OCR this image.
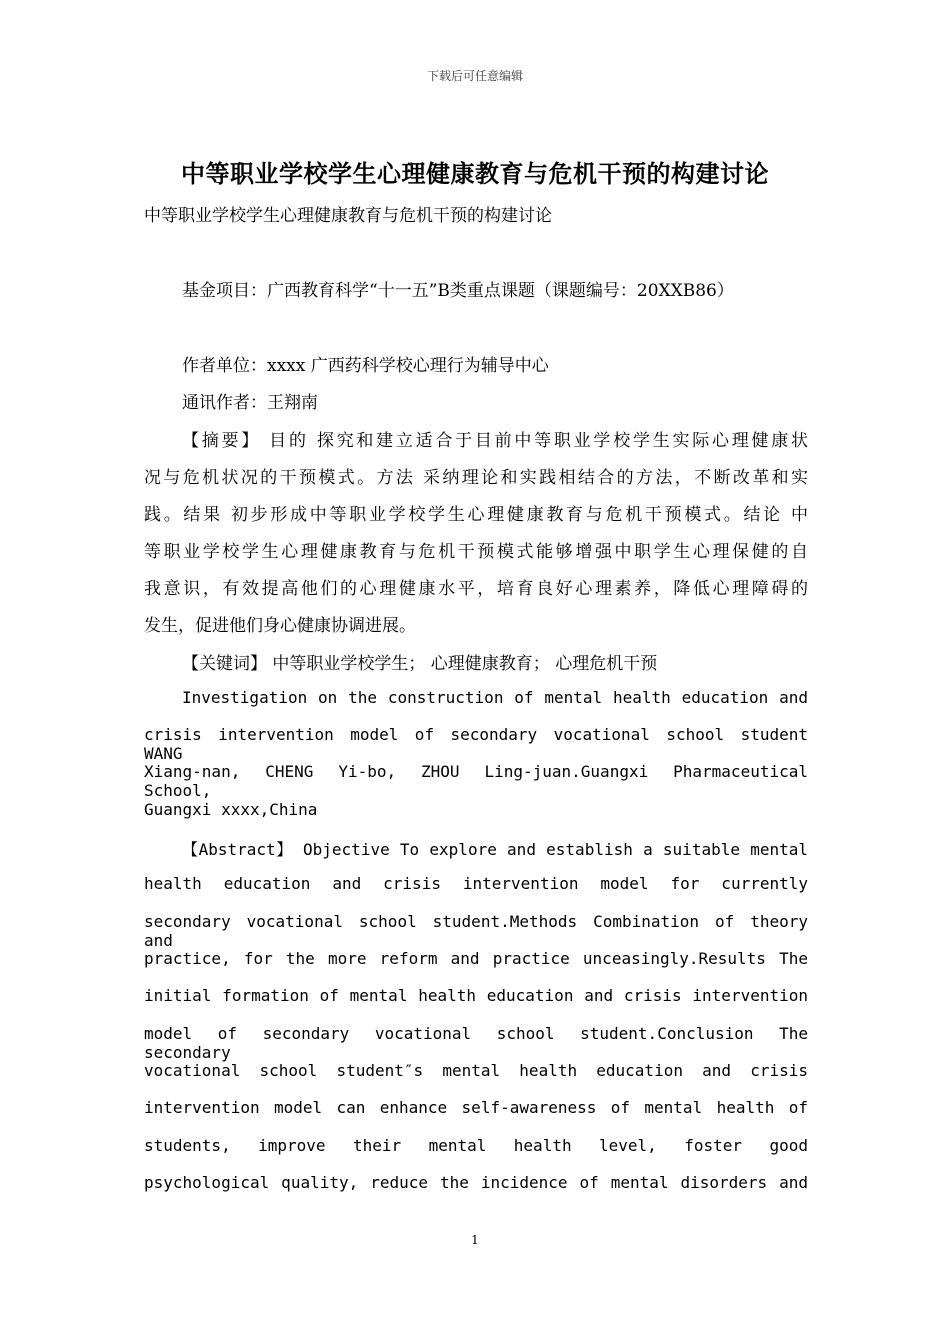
下载后可任意编辑
中等职业学校学生心理健康教育与危机干预的构建讨论
中等职业学校学生心理健康教育与危机干预的构建讨论
基金项目：广西教育科学“十一五”B类重点课题（课题编号：20XXB86）
作者单位：xxxx 广西药科学校心理行为辅导中心
通讯作者：王翔南
【摘要】 目的 探究和建立适合于目前中等职业学校学生实际心理健康状
况与危机状况的干预模式。方法 采纳理论和实践相结合的方法，不断改革和实
践。结果 初步形成中等职业学校学生心理健康教育与危机干预模式。结论 中
等职业学校学生心理健康教育与危机干预模式能够增强中职学生心理保健的自
我意识，有效提高他们的心理健康水平，培育良好心理素养，降低心理障碍的
发生，促进他们身心健康协调进展。
【关键词】 中等职业学校学生； 心理健康教育； 心理危机干预
Investigation on the construction of mental health education and
crisis intervention model of secondary vocational school student WANG
Xiang-nan, CHENG Yi-bo, ZHOU Ling-juan.Guangxi Pharmaceutical School,
Guangxi xxxx,China
【Abstract】 Objective To explore and establish a suitable mental
health education and crisis intervention model for currently
secondary vocational school student.Methods Combination of theory and
practice, for the more reform and practice unceasingly.Results The
initial formation of mental health education and crisis intervention
model of secondary vocational school student.Conclusion The secondary
vocational school student″s mental health education and crisis
intervention model can enhance self-awareness of mental health of
students, improve their mental health level, foster good
psychological quality, reduce the incidence of mental disorders and
1
